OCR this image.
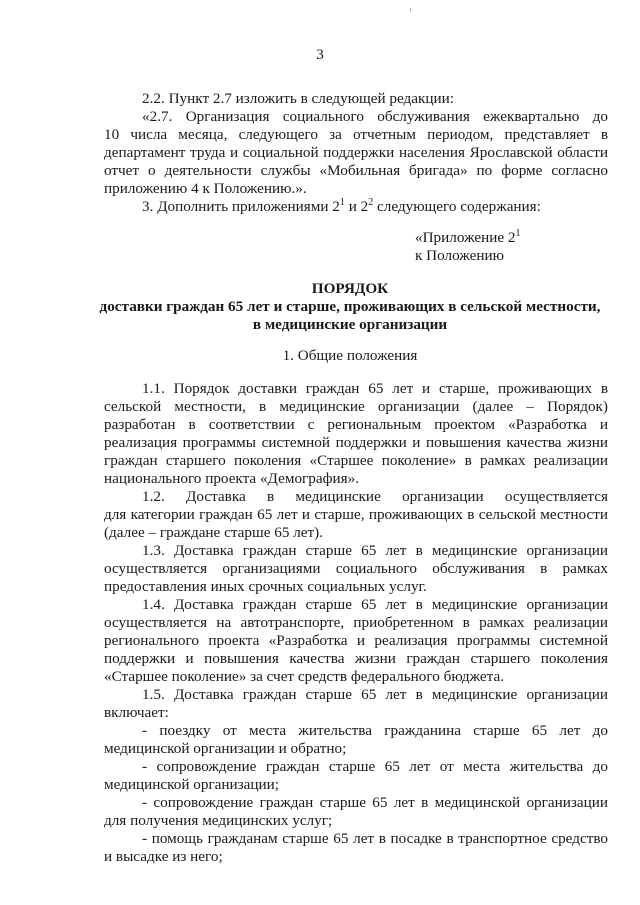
3
2.2. Пункт 2.7 изложить в следующей редакции:
«2.7. Организация социального обслуживания ежеквартально до
10 числа месяца, следующего за отчетным периодом, представляет в
департамент труда и социальной поддержки населения Ярославской области
отчет о деятельности службы «Мобильная бригада» по форме согласно
приложению 4 к Положению.».
3. Дополнить приложениями $2^1$ и $2^2$ следующего содержания:
«Приложение $2^1$
к Положению
ПОРЯДОК
доставки граждан 65 лет и старше, проживающих в сельской местности,
в медицинские организации
1. Общие положения
1.1. Порядок доставки граждан 65 лет и старше, проживающих в
сельской местности, в медицинские организации (далее – Порядок)
разработан в соответствии с региональным проектом «Разработка и
реализация программы системной поддержки и повышения качества жизни
граждан старшего поколения «Старшее поколение» в рамках реализации
национального проекта «Демография».
1.2. Доставка в медицинские организации осуществляется
для категории граждан 65 лет и старше, проживающих в сельской местности
(далее – граждане старше 65 лет).
1.3. Доставка граждан старше 65 лет в медицинские организации
осуществляется организациями социального обслуживания в рамках
предоставления иных срочных социальных услуг.
1.4. Доставка граждан старше 65 лет в медицинские организации
осуществляется на автотранспорте, приобретенном в рамках реализации
регионального проекта «Разработка и реализация программы системной
поддержки и повышения качества жизни граждан старшего поколения
«Старшее поколение» за счет средств федерального бюджета.
1.5. Доставка граждан старше 65 лет в медицинские организации
включает:
- поездку от места жительства гражданина старше 65 лет до
медицинской организации и обратно;
- сопровождение граждан старше 65 лет от места жительства до
медицинской организации;
- сопровождение граждан старше 65 лет в медицинской организации
для получения медицинских услуг;
- помощь гражданам старше 65 лет в посадке в транспортное средство
и высадке из него;
